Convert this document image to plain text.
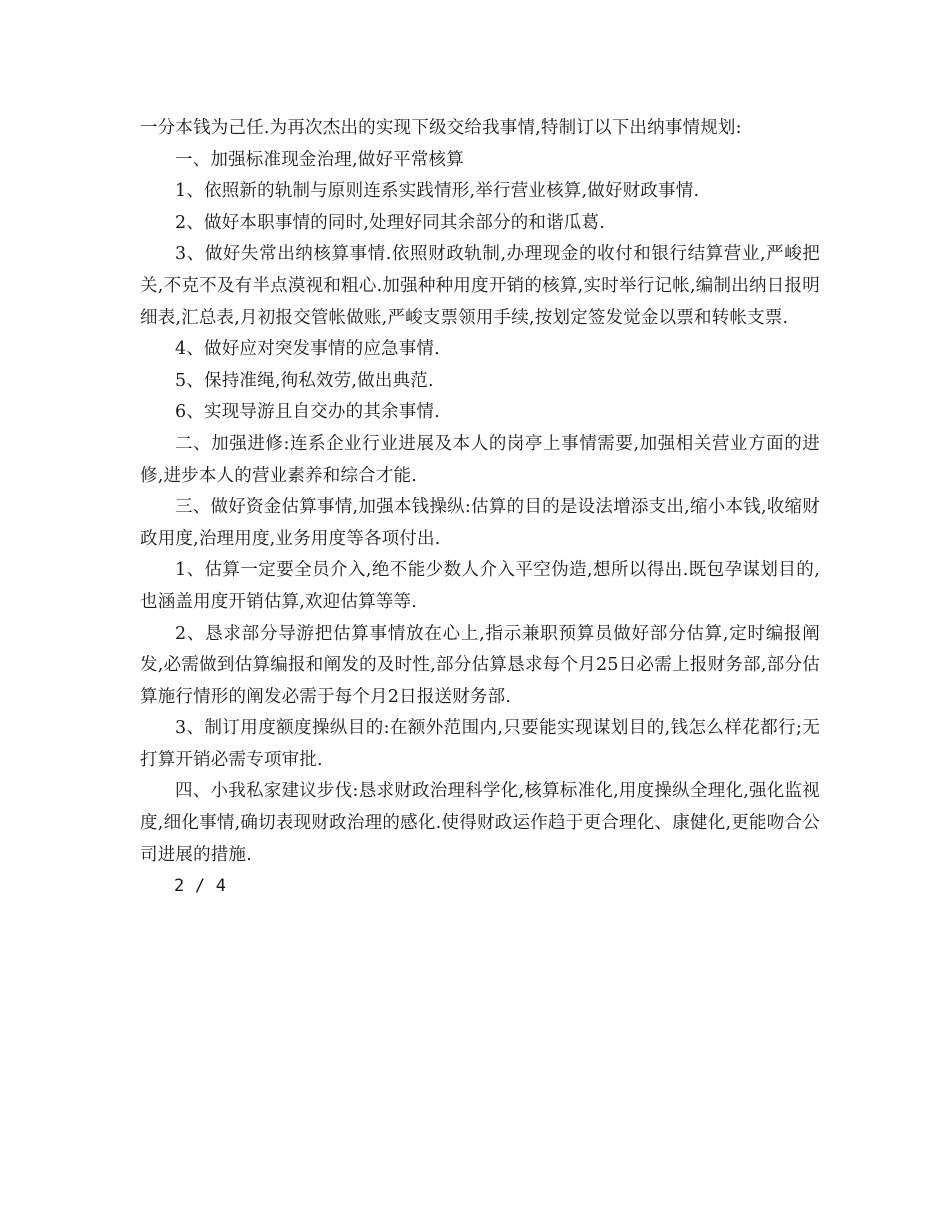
一分本钱为己任.为再次杰出的实现下级交给我事情,特制订以下出纳事情规划:

一、加强标准现金治理,做好平常核算

1、依照新的轨制与原则连系实践情形,举行营业核算,做好财政事情.

2、做好本职事情的同时,处理好同其余部分的和谐瓜葛.

3、做好失常出纳核算事情.依照财政轨制,办理现金的收付和银行结算营业,严峻把关,不克不及有半点漠视和粗心.加强种种用度开销的核算,实时举行记帐,编制出纳日报明细表,汇总表,月初报交管帐做账,严峻支票领用手续,按划定签发觉金以票和转帐支票.

4、做好应对突发事情的应急事情.

5、保持准绳,徇私效劳,做出典范.

6、实现导游且自交办的其余事情.

二、加强进修:连系企业行业进展及本人的岗亭上事情需要,加强相关营业方面的进修,进步本人的营业素养和综合才能.

三、做好资金估算事情,加强本钱操纵:估算的目的是设法增添支出,缩小本钱,收缩财政用度,治理用度,业务用度等各项付出.

1、估算一定要全员介入,绝不能少数人介入平空伪造,想所以得出.既包孕谋划目的,也涵盖用度开销估算,欢迎估算等等.

2、恳求部分导游把估算事情放在心上,指示兼职预算员做好部分估算,定时编报阐发,必需做到估算编报和阐发的及时性,部分估算恳求每个月25日必需上报财务部,部分估算施行情形的阐发必需于每个月2日报送财务部.

3、制订用度额度操纵目的:在额外范围内,只要能实现谋划目的,钱怎么样花都行;无打算开销必需专项审批.

四、小我私家建议步伐:恳求财政治理科学化,核算标准化,用度操纵全理化,强化监视度,细化事情,确切表现财政治理的感化.使得财政运作趋于更合理化、康健化,更能吻合公司进展的措施.

2 / 4
